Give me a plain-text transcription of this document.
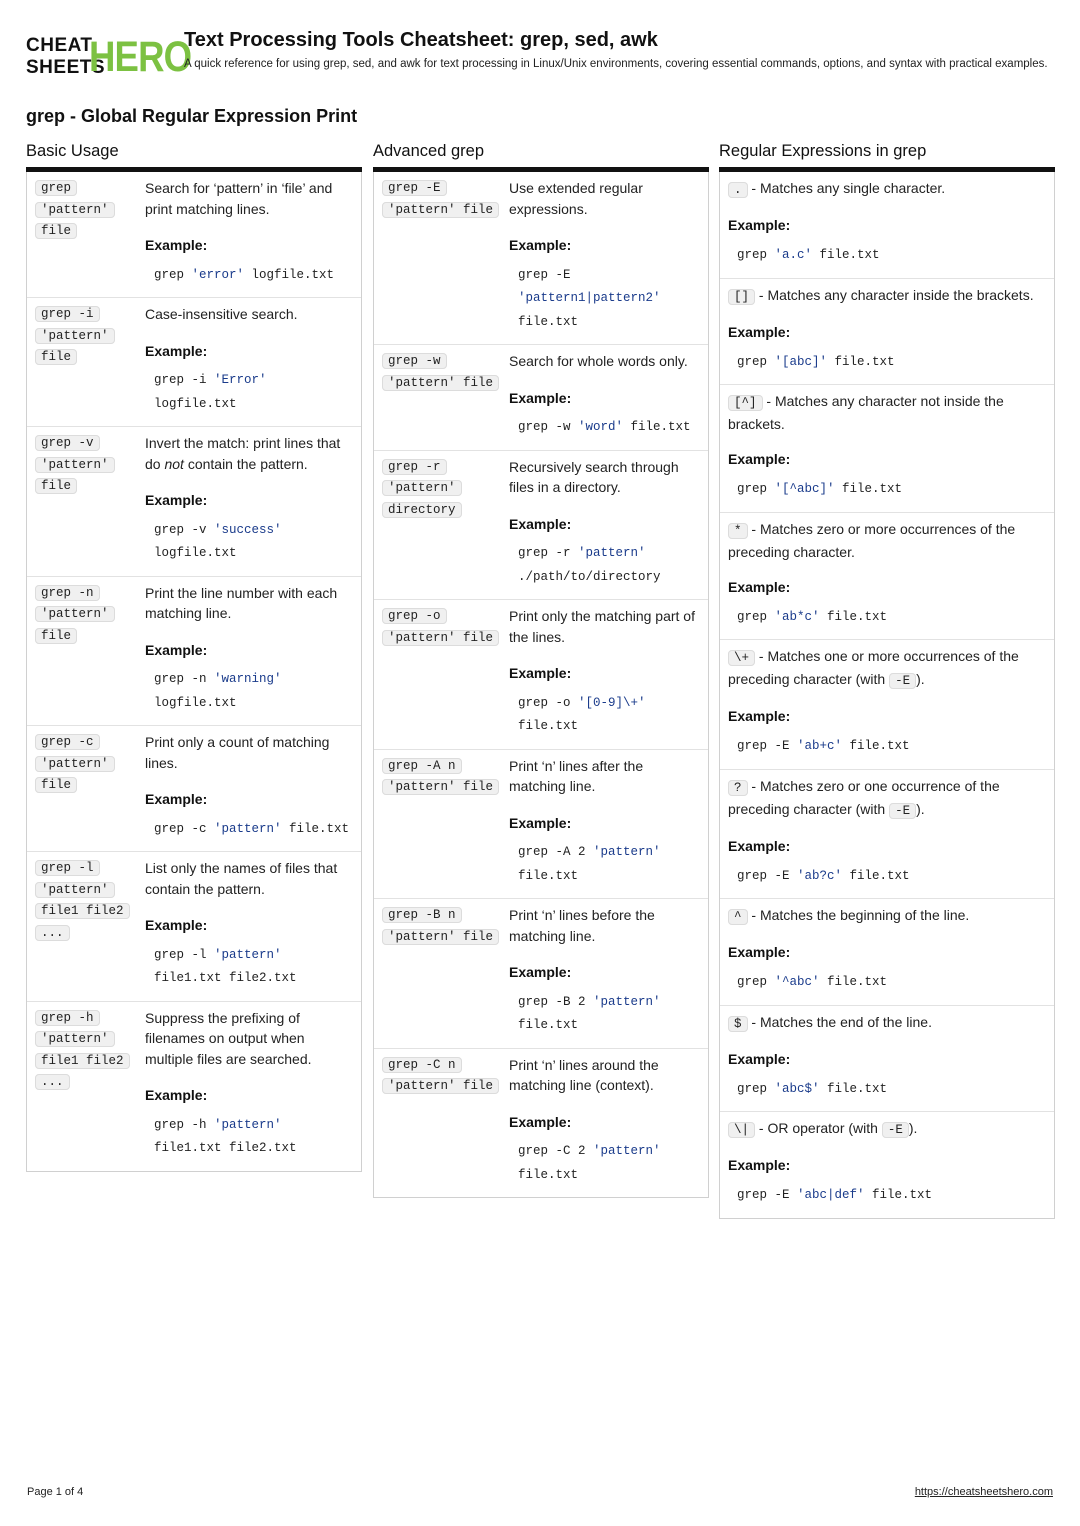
CHEAT
SHEETS
HERO
Text Processing Tools Cheatsheet: grep, sed, awk

A quick reference for using grep, sed, and awk for text processing in Linux/Unix environments, covering essential commands, options, and syntax with practical examples.

grep - Global Regular Expression Print
Basic Usage
grep 'pattern' file

Search for ‘pattern’ in ‘file’ and print matching lines.

Example:
grep 'error' logfile.txt
grep -i 'pattern' file

Case-insensitive search.

Example:
grep -i 'Error' logfile.txt
grep -v 'pattern' file

Invert the match: print lines that do not contain the pattern.

Example:
grep -v 'success' logfile.txt
grep -n 'pattern' file

Print the line number with each matching line.

Example:
grep -n 'warning' logfile.txt
grep -c 'pattern' file

Print only a count of matching lines.

Example:
grep -c 'pattern' file.txt
grep -l 'pattern' file1 file2 ...

List only the names of files that contain the pattern.

Example:
grep -l 'pattern' file1.txt file2.txt
grep -h 'pattern' file1 file2 ...

Suppress the prefixing of filenames on output when multiple files are searched.

Example:
grep -h 'pattern' file1.txt file2.txt
Advanced grep
grep -E 'pattern' file

Use extended regular expressions.

Example:
grep -E 'pattern1|pattern2' file.txt
grep -w 'pattern' file

Search for whole words only.

Example:
grep -w 'word' file.txt
grep -r 'pattern' directory

Recursively search through files in a directory.

Example:
grep -r 'pattern' ./path/to/directory
grep -o 'pattern' file

Print only the matching part of the lines.

Example:
grep -o '[0-9]\+' file.txt
grep -A n 'pattern' file

Print ‘n’ lines after the matching line.

Example:
grep -A 2 'pattern' file.txt
grep -B n 'pattern' file

Print ‘n’ lines before the matching line.

Example:
grep -B 2 'pattern' file.txt
grep -C n 'pattern' file

Print ‘n’ lines around the matching line (context).

Example:
grep -C 2 'pattern' file.txt
Regular Expressions in grep
. - Matches any single character.
Example:
grep 'a.c' file.txt
[] - Matches any character inside the brackets.
Example:
grep '[abc]' file.txt
[^] - Matches any character not inside the brackets.
Example:
grep '[^abc]' file.txt
* - Matches zero or more occurrences of the preceding character.
Example:
grep 'ab*c' file.txt
\+ - Matches one or more occurrences of the preceding character (with -E ).
Example:
grep -E 'ab+c' file.txt
? - Matches zero or one occurrence of the preceding character (with -E ).
Example:
grep -E 'ab?c' file.txt
^ - Matches the beginning of the line.
Example:
grep '^abc' file.txt
$ - Matches the end of the line.
Example:
grep 'abc$' file.txt
\| - OR operator (with -E ).
Example:
grep -E 'abc|def' file.txt
Page 1 of 4	https://cheatsheetshero.com
